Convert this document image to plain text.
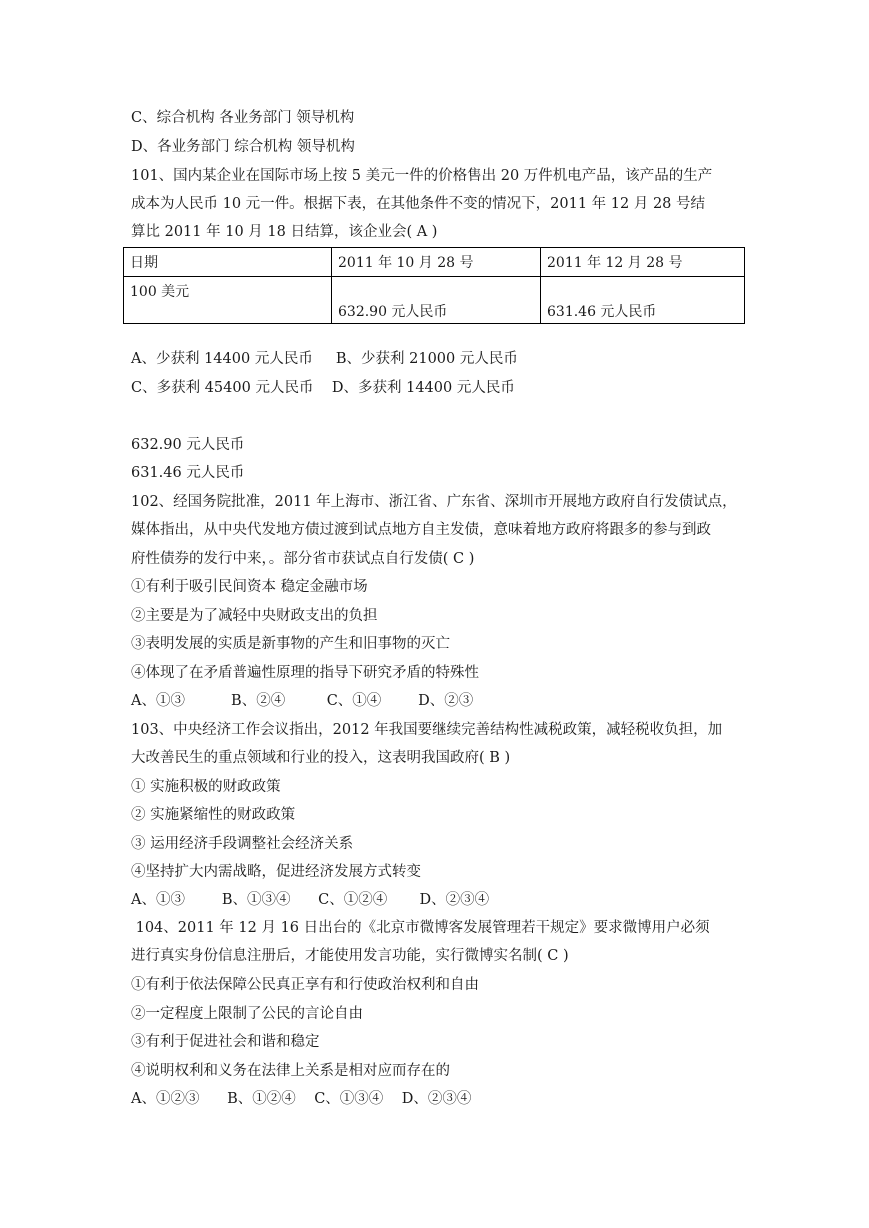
C、综合机构 各业务部门 领导机构
D、各业务部门 综合机构 领导机构
101、国内某企业在国际市场上按 5 美元一件的价格售出 20 万件机电产品，该产品的生产
成本为人民币 10 元一件。根据下表，在其他条件不变的情况下，2011 年 12 月 28 号结
算比 2011 年 10 月 18 日结算，该企业会( A )
日期	2011 年 10 月 28 号	2011 年 12 月 28 号
100 美元	632.90 元人民币	631.46 元人民币
A、少获利 14400 元人民币     B、少获利 21000 元人民币
C、多获利 45400 元人民币    D、多获利 14400 元人民币
632.90 元人民币
631.46 元人民币
102、经国务院批准，2011 年上海市、浙江省、广东省、深圳市开展地方政府自行发债试点，
媒体指出，从中央代发地方债过渡到试点地方自主发债，意味着地方政府将跟多的参与到政
府性债券的发行中来，。部分省市获试点自行发债( C )
①有利于吸引民间资本 稳定金融市场
②主要是为了减轻中央财政支出的负担
③表明发展的实质是新事物的产生和旧事物的灭亡
④体现了在矛盾普遍性原理的指导下研究矛盾的特殊性
A、①③          B、②④         C、①④        D、②③
103、中央经济工作会议指出，2012 年我国要继续完善结构性减税政策，减轻税收负担，加
大改善民生的重点领域和行业的投入，这表明我国政府( B )
① 实施积极的财政政策
② 实施紧缩性的财政政策
③ 运用经济手段调整社会经济关系
④坚持扩大内需战略，促进经济发展方式转变
A、①③        B、①③④      C、①②④       D、②③④
104、2011 年 12 月 16 日出台的《北京市微博客发展管理若干规定》要求微博用户必须
进行真实身份信息注册后，才能使用发言功能，实行微博实名制( C )
①有利于依法保障公民真正享有和行使政治权利和自由
②一定程度上限制了公民的言论自由
③有利于促进社会和谐和稳定
④说明权利和义务在法律上关系是相对应而存在的
A、①②③      B、①②④    C、①③④    D、②③④
